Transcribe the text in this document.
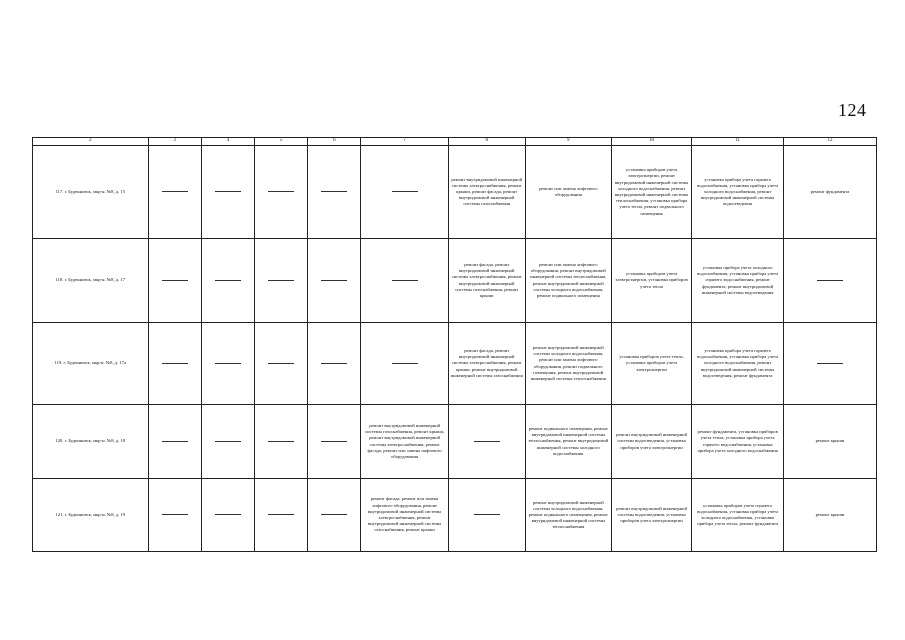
124
2	3	4	5	6	7	8	9	10	11	12
117. г. Буденновск, мкр-н. №8, д. 15						ремонт внутридомовой инженерной системы электроснабжения, ремонт крыши, ремонт фасада, ремонт внутридомовой инженерной системы газоснабжения	ремонт или замена лифтового оборудования	установка приборов учета электроэнергии, ремонт внутридомовой инженерной системы холодного водоснабжения, ремонт внутридомовой инженерной системы теплоснабжения, установка прибора учета тепла, ремонт подвального помещения	установка прибора учета горячего водоснабжения, установка прибора учета холодного водоснабжения, ремонт внутридомовой инженерной системы водоотведения	ремонт фундамента
118. г. Буденновск, мкр-н. №8, д. 17						ремонт фасада, ремонт внутридомовой инженерной системы электроснабжения, ремонт внутридомовой инженерной системы газоснабжения, ремонт крыши	ремонт или замена лифтового оборудования, ремонт внутридомовой инженерной системы теплоснабжения, ремонт внутридомовой инженерной системы холодного водоснабжения, ремонт подвального помещения	установка приборов учета электроэнергии, установка приборов учета тепла	установка прибора учета холодного водоснабжения, установка прибора учета горячего водоснабжения, ремонт фундамента, ремонт внутридомовой инженерной системы водоотведения	
119. г. Буденновск, мкр-н. №8, д. 17а						ремонт фасада, ремонт внутридомовой инженерной системы электроснабжения, ремонт крыши, ремонт внутридомовой инженерной системы газоснабжения	ремонт внутридомовой инженерной системы холодного водоснабжения, ремонт или замена лифтового оборудования, ремонт подвального помещения, ремонт внутридомовой инженерной системы теплоснабжения	установка приборов учета тепла, установка приборов учета электроэнергии	установка прибора учета горячего водоснабжения, установка прибора учета холодного водоснабжения, ремонт внутридомовой инженерной системы водоотведения, ремонт фундамента	
120. г. Буденновск, мкр-н. №8, д. 18					ремонт внутридомовой инженерной системы газоснабжения, ремонт крыши, ремонт внутридомовой инженерной системы электроснабжения, ремонт фасада, ремонт или замена лифтового оборудования		ремонт подвального помещения, ремонт внутридомовой инженерной системы теплоснабжения, ремонт внутридомовой инженерной системы холодного водоснабжения	ремонт внутридомовой инженерной системы водоотведения, установка приборов учета электроэнергии	ремонт фундамента, установка приборов учета тепла, установка прибора учета горячего водоснабжения, установка прибора учета холодного водоснабжения	ремонт крыши
121. г. Буденновск, мкр-н. №8, д. 19					ремонт фасада, ремонт или замена лифтового оборудования, ремонт внутридомовой инженерной системы электроснабжения, ремонт внутридомовой инженерной системы газоснабжения, ремонт крыши		ремонт внутридомовой инженерной системы холодного водоснабжения, ремонт подвального помещения, ремонт внутридомовой инженерной системы теплоснабжения	ремонт внутридомовой инженерной системы водоотведения, установка приборов учета электроэнергии	установка приборов учета горячего водоснабжения, установка прибора учета холодного водоснабжения, установка прибора учета тепла, ремонт фундамента	ремонт крыши
